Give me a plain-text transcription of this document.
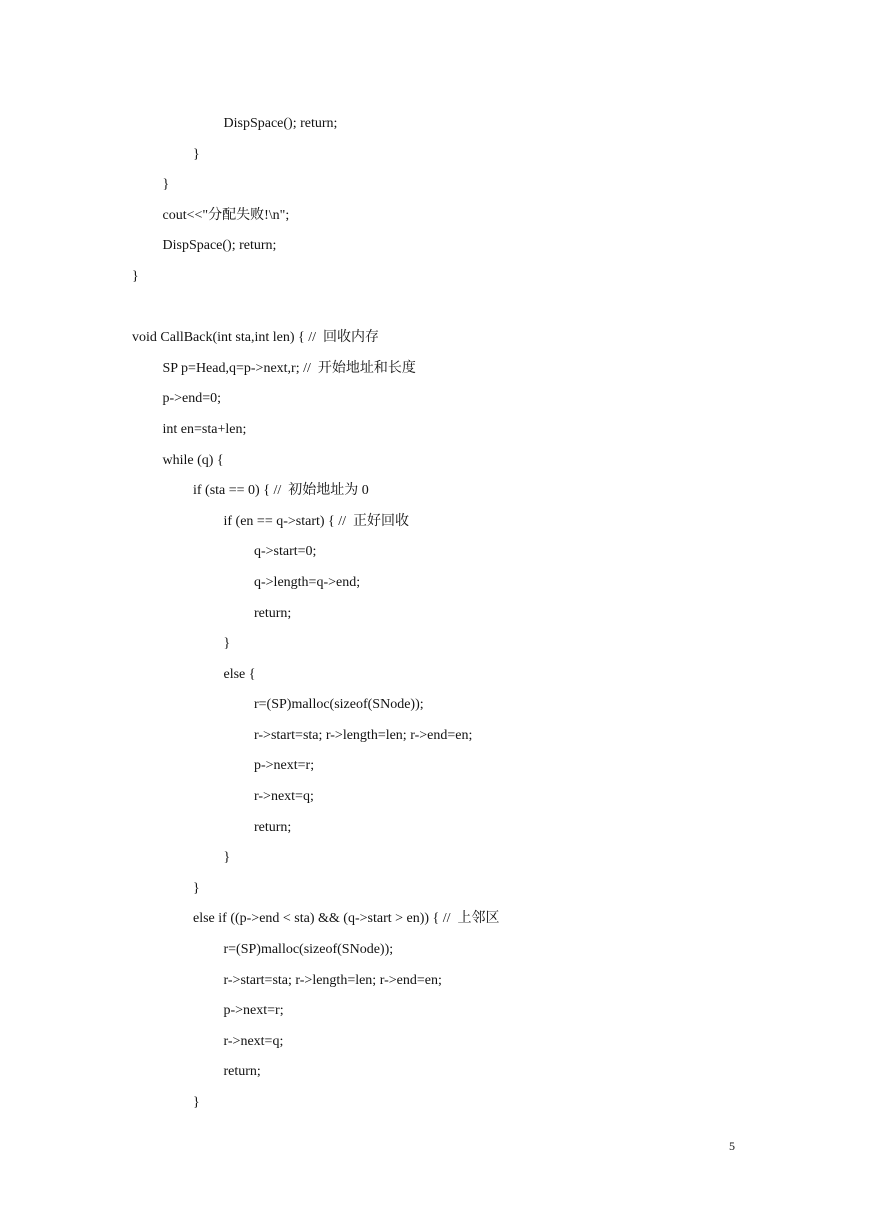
DispSpace(); return;
}
}
cout<<"分配失败!\n";
DispSpace(); return;
}
void CallBack(int sta,int len) { //  回收内存
SP p=Head,q=p->next,r; //  开始地址和长度
p->end=0;
int en=sta+len;
while (q) {
if (sta == 0) { //  初始地址为 0
if (en == q->start) { //  正好回收
q->start=0;
q->length=q->end;
return;
}
else {
r=(SP)malloc(sizeof(SNode));
r->start=sta; r->length=len; r->end=en;
p->next=r;
r->next=q;
return;
}
}
else if ((p->end < sta) && (q->start > en)) { //  上邻区
r=(SP)malloc(sizeof(SNode));
r->start=sta; r->length=len; r->end=en;
p->next=r;
r->next=q;
return;
}
5
